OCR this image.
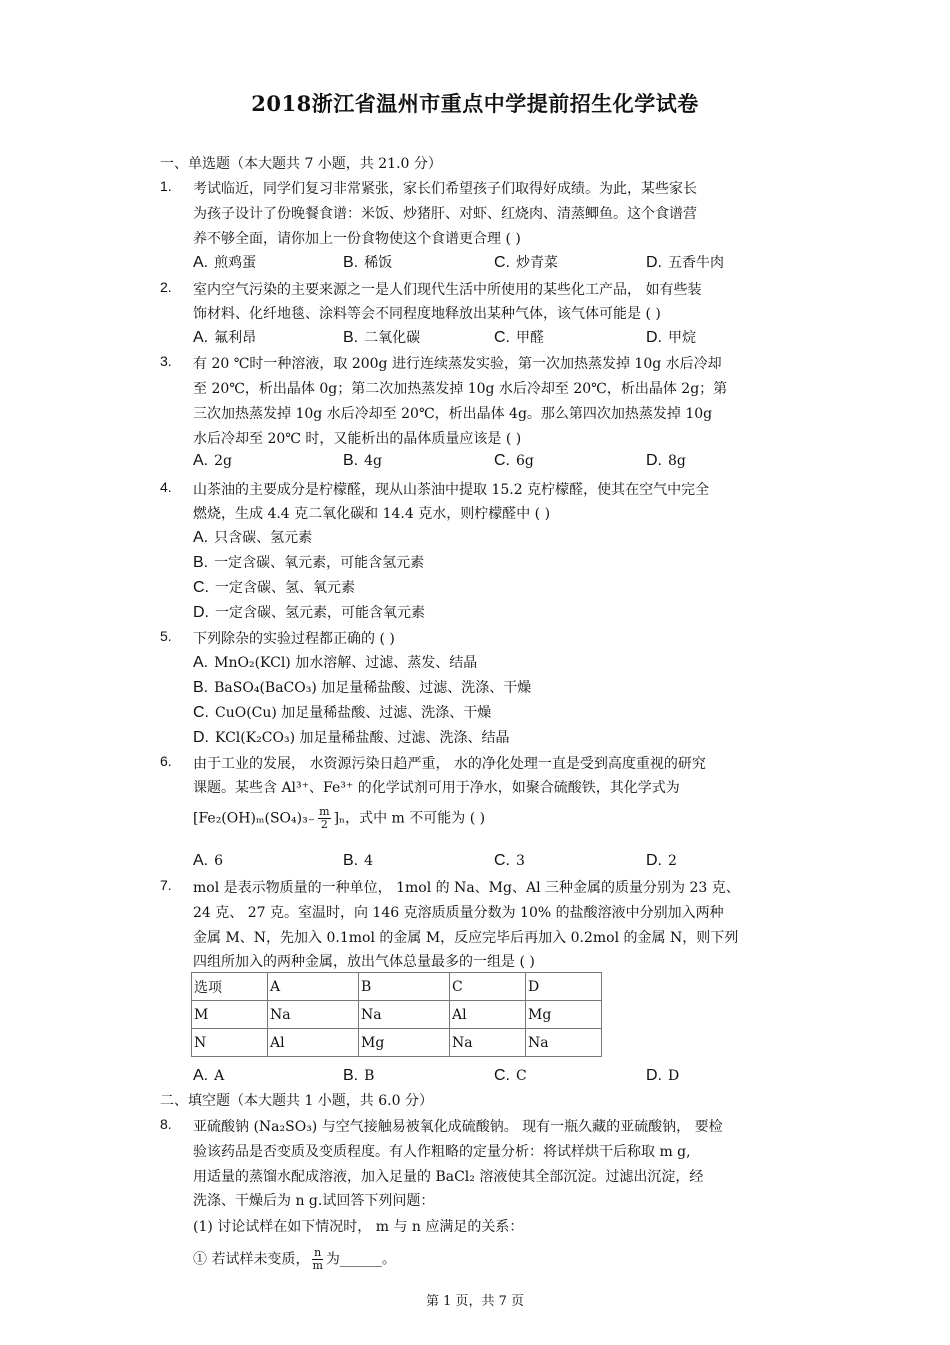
2018浙江省温州市重点中学提前招生化学试卷
一、单选题（本大题共 7 小题，共 21.0 分）
1. 考试临近，同学们复习非常紧张，家长们希望孩子们取得好成绩。为此，某些家长
为孩子设计了份晚餐食谱：米饭、炒猪肝、对虾、红烧肉、清蒸鲫鱼。这个食谱营
养不够全面，请你加上一份食物使这个食谱更合理 ( )
A. 煎鸡蛋	B. 稀饭	C. 炒青菜	D. 五香牛肉
2. 室内空气污染的主要来源之一是人们现代生活中所使用的某些化工产品， 如有些装
饰材料、化纤地毯、涂料等会不同程度地释放出某种气体，该气体可能是 ( )
A. 氟利昂	B. 二氧化碳	C. 甲醛	D. 甲烷
3. 有 20 ℃时一种溶液，取 200g 进行连续蒸发实验，第一次加热蒸发掉 10g 水后冷却
至 20℃，析出晶体 0g；第二次加热蒸发掉 10g 水后冷却至 20℃，析出晶体 2g；第
三次加热蒸发掉 10g 水后冷却至 20℃，析出晶体 4g。那么第四次加热蒸发掉 10g
水后冷却至 20℃ 时，又能析出的晶体质量应该是 ( )
A. 2g	B. 4g	C. 6g	D. 8g
4. 山茶油的主要成分是柠檬醛，现从山茶油中提取 15.2 克柠檬醛，使其在空气中完全
燃烧，生成 4.4 克二氧化碳和 14.4 克水，则柠檬醛中 ( )
A. 只含碳、氢元素
B. 一定含碳、氧元素，可能含氢元素
C. 一定含碳、氢、氧元素
D. 一定含碳、氢元素，可能含氧元素
5. 下列除杂的实验过程都正确的 ( )
A. MnO₂(KCl) 加水溶解、过滤、蒸发、结晶
B. BaSO₄(BaCO₃) 加足量稀盐酸、过滤、洗涤、干燥
C. CuO(Cu) 加足量稀盐酸、过滤、洗涤、干燥
D. KCl(K₂CO₃) 加足量稀盐酸、过滤、洗涤、结晶
6. 由于工业的发展， 水资源污染日趋严重， 水的净化处理一直是受到高度重视的研究
课题。某些含 Al³⁺、Fe³⁺ 的化学试剂可用于净水，如聚合硫酸铁，其化学式为
$[Fe_2(OH)_m(SO_4)_{3-} \frac{m}{2} ]_n$，式中 m 不可能为 ( )
A. 6	B. 4	C. 3	D. 2
7. mol 是表示物质量的一种单位， 1mol 的 Na、Mg、Al 三种金属的质量分别为 23 克、
24 克、 27 克。室温时，向 146 克溶质质量分数为 10% 的盐酸溶液中分别加入两种
金属 M、N，先加入 0.1mol 的金属 M，反应完毕后再加入 0.2mol 的金属 N，则下列
四组所加入的两种金属，放出气体总量最多的一组是 ( )
选项	A	B	C	D
M	Na	Na	Al	Mg
N	Al	Mg	Na	Na
A. A	B. B	C. C	D. D
二、填空题（本大题共 1 小题，共 6.0 分）
8. 亚硫酸钠 (Na₂SO₃) 与空气接触易被氧化成硫酸钠。 现有一瓶久藏的亚硫酸钠， 要检
验该药品是否变质及变质程度。有人作粗略的定量分析：将试样烘干后称取 m g,
用适量的蒸馏水配成溶液，加入足量的 BaCl₂ 溶液使其全部沉淀。过滤出沉淀，经
洗涤、干燥后为 n g.试回答下列问题：
(1) 讨论试样在如下情况时， m 与 n 应满足的关系：
① 若试样未变质， $\frac{n}{m}$ 为______。
第 1 页，共 7 页
